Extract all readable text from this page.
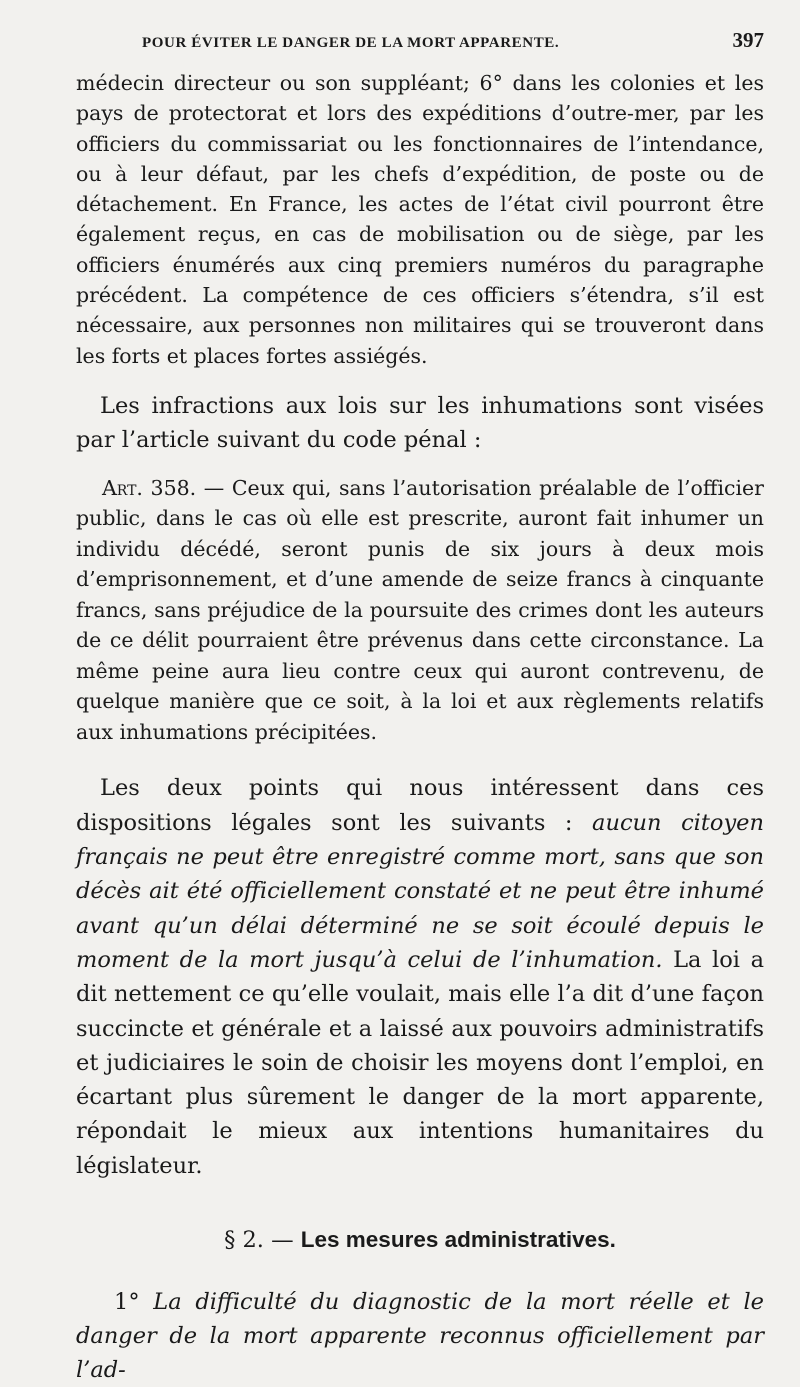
POUR ÉVITER LE DANGER DE LA MORT APPARENTE.	397

médecin directeur ou son suppléant; 6° dans les colonies et les pays de protectorat et lors des expéditions d’outre-mer, par les officiers du commissariat ou les fonctionnaires de l’intendance, ou à leur défaut, par les chefs d’expédition, de poste ou de détachement. En France, les actes de l’état civil pourront être également reçus, en cas de mobilisation ou de siège, par les officiers énumérés aux cinq premiers numéros du paragraphe précédent. La compétence de ces officiers s’étendra, s’il est nécessaire, aux personnes non militaires qui se trouveront dans les forts et places fortes assiégés.

Les infractions aux lois sur les inhumations sont visées par l’article suivant du code pénal :

Art. 358. — Ceux qui, sans l’autorisation préalable de l’officier public, dans le cas où elle est prescrite, auront fait inhumer un individu décédé, seront punis de six jours à deux mois d’emprisonnement, et d’une amende de seize francs à cinquante francs, sans préjudice de la poursuite des crimes dont les auteurs de ce délit pourraient être prévenus dans cette circonstance. La même peine aura lieu contre ceux qui auront contrevenu, de quelque manière que ce soit, à la loi et aux règlements relatifs aux inhumations précipitées.

Les deux points qui nous intéressent dans ces dispositions légales sont les suivants : aucun citoyen français ne peut être enregistré comme mort, sans que son décès ait été officiellement constaté et ne peut être inhumé avant qu’un délai déterminé ne se soit écoulé depuis le moment de la mort jusqu’à celui de l’inhumation. La loi a dit nettement ce qu’elle voulait, mais elle l’a dit d’une façon succincte et générale et a laissé aux pouvoirs administratifs et judiciaires le soin de choisir les moyens dont l’emploi, en écartant plus sûrement le danger de la mort apparente, répondait le mieux aux intentions humanitaires du législateur.

§ 2. — Les mesures administratives.

1° La difficulté du diagnostic de la mort réelle et le danger de la mort apparente reconnus officiellement par l’ad-
